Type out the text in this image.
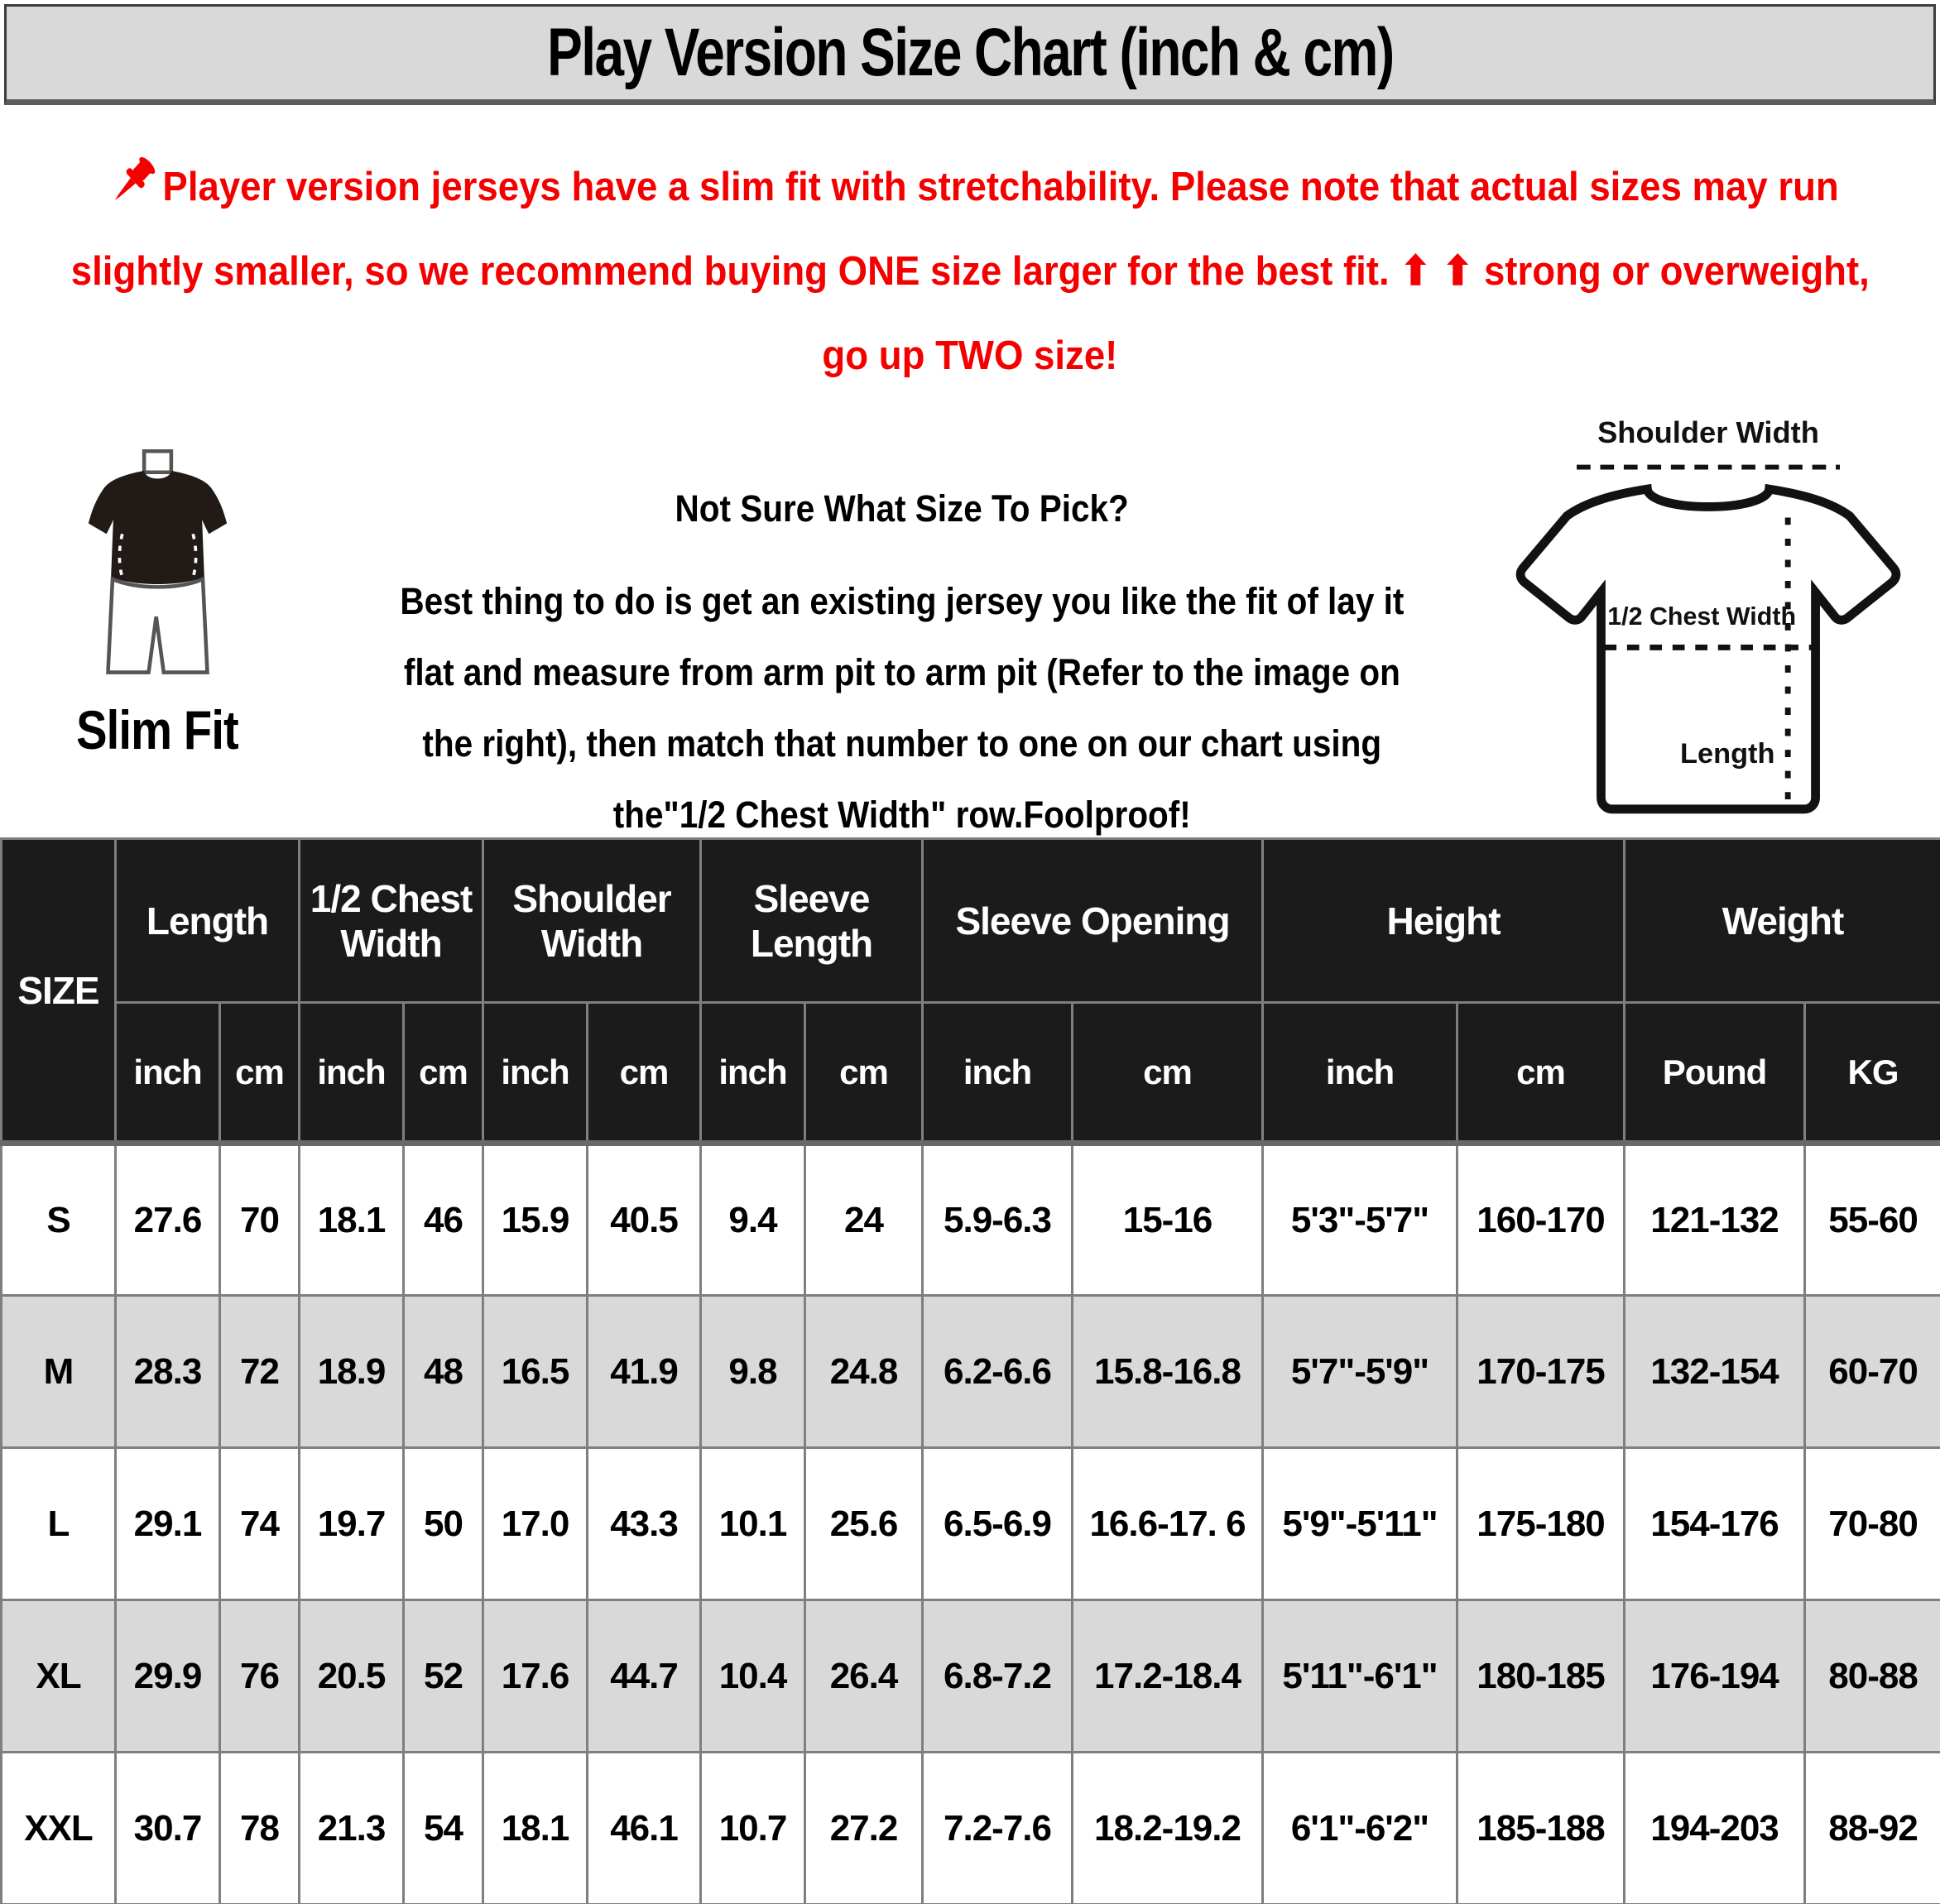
Play Version Size Chart (inch & cm)
Player version jerseys have a slim fit with stretchability. Please note that actual sizes may run
slightly smaller, so we recommend buying ONE size larger for the best fit. ⬆ ⬆ strong or overweight,
go up TWO size!
Slim Fit
Not Sure What Size To Pick?
Best thing to do is get an existing jersey you like the fit of lay it
flat and measure from arm pit to arm pit (Refer to the image on
the right), then match that number to one on our chart using
the"1/2 Chest Width" row.Foolproof!
Shoulder Width
1/2 Chest Width
Length
SIZE	Length		1/2 Chest Width		Shoulder Width		Sleeve Length		Sleeve Opening		Height		Weight	
	inch	cm	inch	cm	inch	cm	inch	cm	inch	cm	inch	cm	Pound	KG
S	27.6	70	18.1	46	15.9	40.5	9.4	24	5.9-6.3	15-16	5'3"-5'7"	160-170	121-132	55-60
M	28.3	72	18.9	48	16.5	41.9	9.8	24.8	6.2-6.6	15.8-16.8	5'7"-5'9"	170-175	132-154	60-70
L	29.1	74	19.7	50	17.0	43.3	10.1	25.6	6.5-6.9	16.6-17. 6	5'9"-5'11"	175-180	154-176	70-80
XL	29.9	76	20.5	52	17.6	44.7	10.4	26.4	6.8-7.2	17.2-18.4	5'11"-6'1"	180-185	176-194	80-88
XXL	30.7	78	21.3	54	18.1	46.1	10.7	27.2	7.2-7.6	18.2-19.2	6'1"-6'2"	185-188	194-203	88-92
